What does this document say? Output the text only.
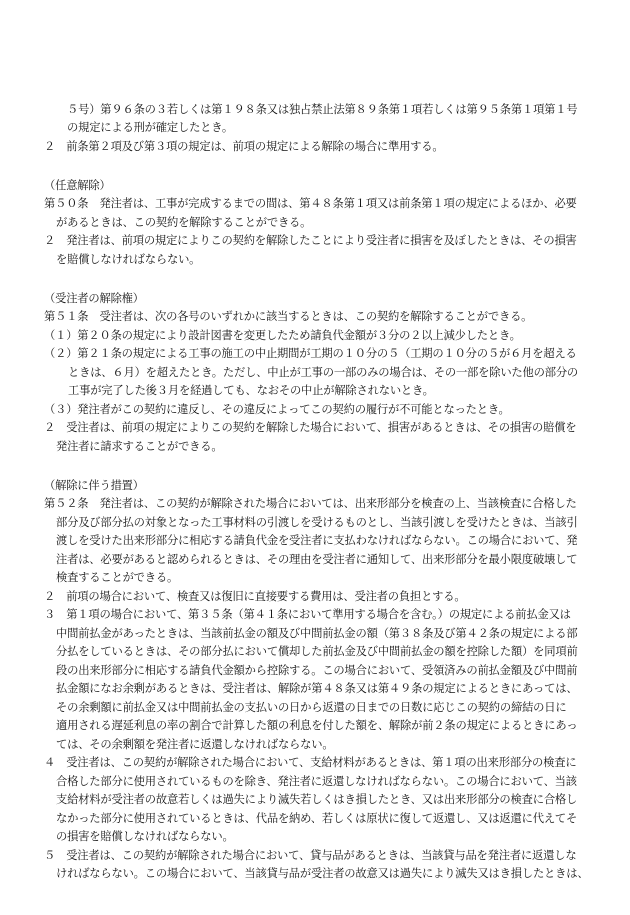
５号）第９６条の３若しくは第１９８条又は独占禁止法第８９条第１項若しくは第９５条第１項第１号
の規定による刑が確定したとき。
２　前条第２項及び第３項の規定は、前項の規定による解除の場合に準用する。
（任意解除）
第５０条　発注者は、工事が完成するまでの間は、第４８条第１項又は前条第１項の規定によるほか、必要
があるときは、この契約を解除することができる。
２　発注者は、前項の規定によりこの契約を解除したことにより受注者に損害を及ぼしたときは、その損害
を賠償しなければならない。
（受注者の解除権）
第５１条　受注者は、次の各号のいずれかに該当するときは、この契約を解除することができる。
（１）第２０条の規定により設計図書を変更したため請負代金額が３分の２以上減少したとき。
（２）第２１条の規定による工事の施工の中止期間が工期の１０分の５（工期の１０分の５が６月を超える
ときは、６月）を超えたとき。ただし、中止が工事の一部のみの場合は、その一部を除いた他の部分の
工事が完了した後３月を経過しても、なおその中止が解除されないとき。
（３）発注者がこの契約に違反し、その違反によってこの契約の履行が不可能となったとき。
２　受注者は、前項の規定によりこの契約を解除した場合において、損害があるときは、その損害の賠償を
発注者に請求することができる。
（解除に伴う措置）
第５２条　発注者は、この契約が解除された場合においては、出来形部分を検査の上、当該検査に合格した
部分及び部分払の対象となった工事材料の引渡しを受けるものとし、当該引渡しを受けたときは、当該引
渡しを受けた出来形部分に相応する請負代金を受注者に支払わなければならない。この場合において、発
注者は、必要があると認められるときは、その理由を受注者に通知して、出来形部分を最小限度破壊して
検査することができる。
２　前項の場合において、検査又は復旧に直接要する費用は、受注者の負担とする。
３　第１項の場合において、第３５条（第４１条において準用する場合を含む。）の規定による前払金又は
中間前払金があったときは、当該前払金の額及び中間前払金の額（第３８条及び第４２条の規定による部
分払をしているときは、その部分払において償却した前払金及び中間前払金の額を控除した額）を同項前
段の出来形部分に相応する請負代金額から控除する。この場合において、受領済みの前払金額及び中間前
払金額になお余剰があるときは、受注者は、解除が第４８条又は第４９条の規定によるときにあっては、
その余剰額に前払金又は中間前払金の支払いの日から返還の日までの日数に応じこの契約の締結の日に
適用される遅延利息の率の割合で計算した額の利息を付した額を、解除が前２条の規定によるときにあっ
ては、その余剰額を発注者に返還しなければならない。
４　受注者は、この契約が解除された場合において、支給材料があるときは、第１項の出来形部分の検査に
合格した部分に使用されているものを除き、発注者に返還しなければならない。この場合において、当該
支給材料が受注者の故意若しくは過失により滅失若しくはき損したとき、又は出来形部分の検査に合格し
なかった部分に使用されているときは、代品を納め、若しくは原状に復して返還し、又は返還に代えてそ
の損害を賠償しなければならない。
５　受注者は、この契約が解除された場合において、貸与品があるときは、当該貸与品を発注者に返還しな
ければならない。この場合において、当該貸与品が受注者の故意又は過失により滅失又はき損したときは、
